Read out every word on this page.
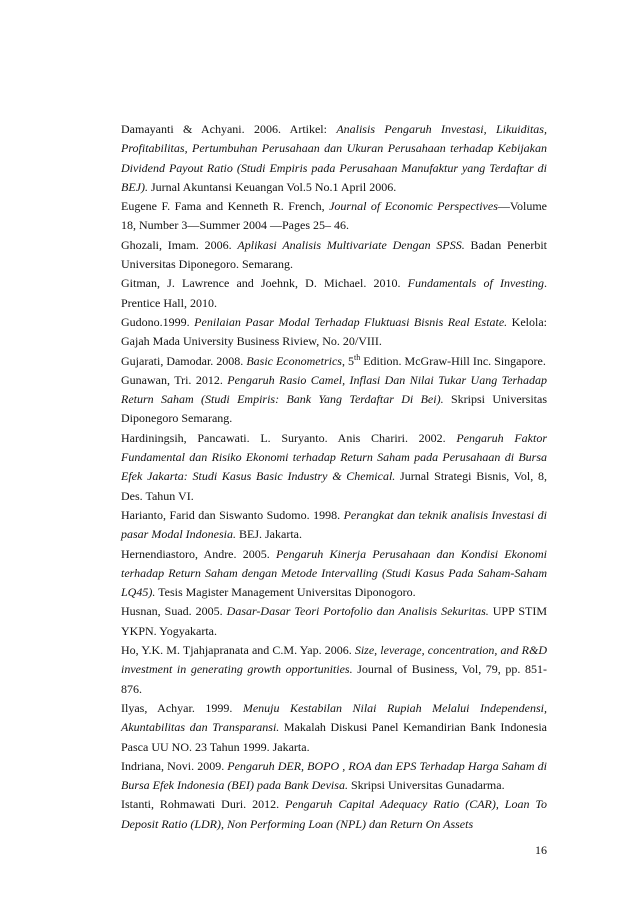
Damayanti & Achyani. 2006. Artikel: Analisis Pengaruh Investasi, Likuiditas, Profitabilitas, Pertumbuhan Perusahaan dan Ukuran Perusahaan terhadap Kebijakan Dividend Payout Ratio (Studi Empiris pada Perusahaan Manufaktur yang Terdaftar di BEJ). Jurnal Akuntansi Keuangan Vol.5 No.1 April 2006.

Eugene F. Fama and Kenneth R. French, Journal of Economic Perspectives—Volume 18, Number 3—Summer 2004 —Pages 25– 46.

Ghozali, Imam. 2006. Aplikasi Analisis Multivariate Dengan SPSS. Badan Penerbit Universitas Diponegoro. Semarang.

Gitman, J. Lawrence and Joehnk, D. Michael. 2010. Fundamentals of Investing. Prentice Hall, 2010.

Gudono.1999. Penilaian Pasar Modal Terhadap Fluktuasi Bisnis Real Estate. Kelola: Gajah Mada University Business Riview, No. 20/VIII.

Gujarati, Damodar. 2008. Basic Econometrics, 5th Edition. McGraw-Hill Inc. Singapore.

Gunawan, Tri. 2012. Pengaruh Rasio Camel, Inflasi Dan Nilai Tukar Uang Terhadap Return Saham (Studi Empiris: Bank Yang Terdaftar Di Bei). Skripsi Universitas Diponegoro Semarang.

Hardiningsih, Pancawati. L. Suryanto. Anis Chariri. 2002. Pengaruh Faktor Fundamental dan Risiko Ekonomi terhadap Return Saham pada Perusahaan di Bursa Efek Jakarta: Studi Kasus Basic Industry & Chemical. Jurnal Strategi Bisnis, Vol, 8, Des. Tahun VI.

Harianto, Farid dan Siswanto Sudomo. 1998. Perangkat dan teknik analisis Investasi di pasar Modal Indonesia. BEJ. Jakarta.

Hernendiastoro, Andre. 2005. Pengaruh Kinerja Perusahaan dan Kondisi Ekonomi terhadap Return Saham dengan Metode Intervalling (Studi Kasus Pada Saham-Saham LQ45). Tesis Magister Management Universitas Diponogoro.

Husnan, Suad. 2005. Dasar-Dasar Teori Portofolio dan Analisis Sekuritas. UPP STIM YKPN. Yogyakarta.

Ho, Y.K. M. Tjahjapranata and C.M. Yap. 2006. Size, leverage, concentration, and R&D investment in generating growth opportunities. Journal of Business, Vol, 79, pp. 851-876.

Ilyas, Achyar. 1999. Menuju Kestabilan Nilai Rupiah Melalui Independensi, Akuntabilitas dan Transparansi. Makalah Diskusi Panel Kemandirian Bank Indonesia Pasca UU NO. 23 Tahun 1999. Jakarta.

Indriana, Novi. 2009. Pengaruh DER, BOPO , ROA dan EPS Terhadap Harga Saham di Bursa Efek Indonesia (BEI) pada Bank Devisa. Skripsi Universitas Gunadarma.

Istanti, Rohmawati Duri. 2012. Pengaruh Capital Adequacy Ratio (CAR), Loan To Deposit Ratio (LDR), Non Performing Loan (NPL) dan Return On Assets

16
